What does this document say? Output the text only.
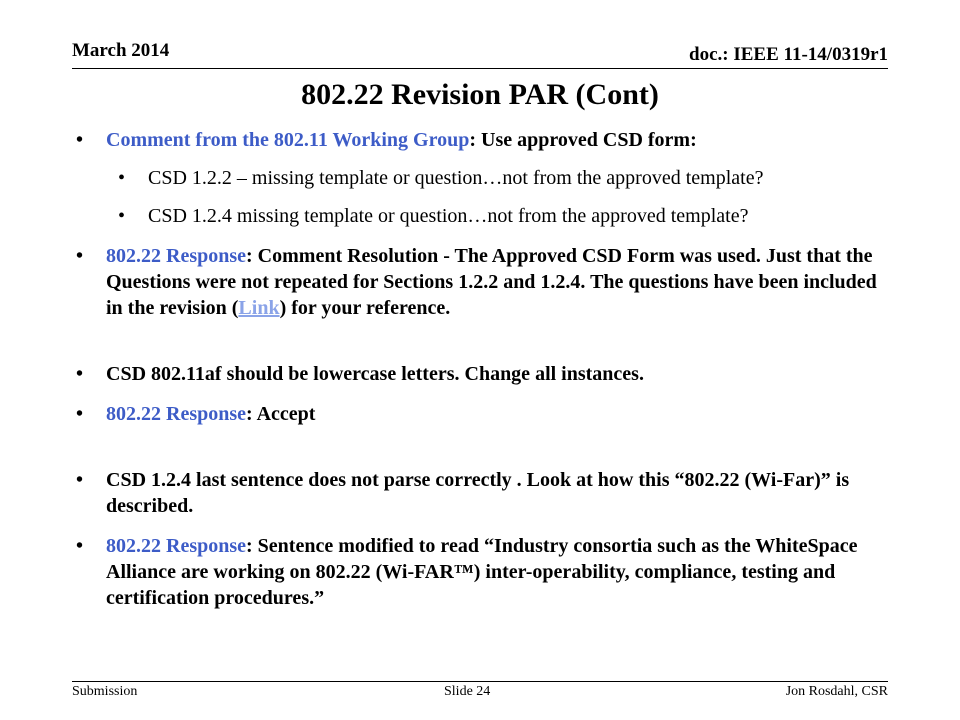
March 2014	doc.: IEEE 11-14/0319r1
802.22 Revision PAR (Cont)
• Comment from the 802.11 Working Group: Use approved CSD form:
• CSD 1.2.2 – missing template or question…not from the approved template?
• CSD 1.2.4 missing template or question…not from the approved template?
• 802.22 Response: Comment Resolution - The Approved CSD Form was used. Just that the Questions were not repeated for Sections 1.2.2 and 1.2.4. The questions have been included in the revision (Link) for your reference.
• CSD 802.11af should be lowercase letters. Change all instances.
• 802.22 Response: Accept
• CSD 1.2.4 last sentence does not parse correctly . Look at how this “802.22 (Wi-Far)” is described.
• 802.22 Response: Sentence modified to read “Industry consortia such as the WhiteSpace Alliance are working on 802.22 (Wi-FAR™) inter-operability, compliance, testing and certification procedures.”
Submission	Slide 24	Jon Rosdahl, CSR
